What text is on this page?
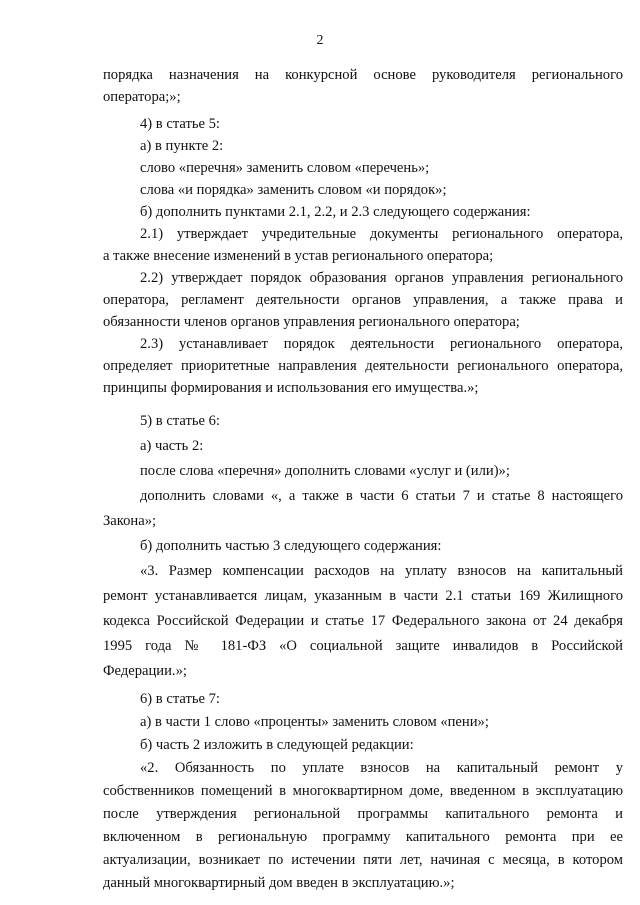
2
порядка назначения на конкурсной основе руководителя регионального
оператора;»;
4) в статье 5:
а) в пункте 2:
слово «перечня» заменить словом «перечень»;
слова «и порядка» заменить словом «и порядок»;
б) дополнить пунктами 2.1, 2.2, и 2.3 следующего содержания:
2.1) утверждает учредительные документы регионального оператора,
а также внесение изменений в устав регионального оператора;
2.2) утверждает порядок образования органов управления регионального
оператора, регламент деятельности органов управления, а также права и
обязанности членов органов управления регионального оператора;
2.3) устанавливает порядок деятельности регионального оператора,
определяет приоритетные направления деятельности регионального оператора,
принципы формирования и использования его имущества.»;
5) в статье 6:
а) часть 2:
после слова «перечня» дополнить словами «услуг и (или)»;
дополнить словами «, а также в части 6 статьи 7 и статье 8 настоящего
Закона»;
б) дополнить частью 3 следующего содержания:
«3. Размер компенсации расходов на уплату взносов на капитальный
ремонт устанавливается лицам, указанным в части 2.1 статьи 169 Жилищного
кодекса Российской Федерации и статье 17 Федерального закона от 24 декабря
1995 года № 181-ФЗ «О социальной защите инвалидов в Российской
Федерации.»;
6) в статье 7:
а) в части 1 слово «проценты» заменить словом «пени»;
б) часть 2 изложить в следующей редакции:
«2. Обязанность по уплате взносов на капитальный ремонт у
собственников помещений в многоквартирном доме, введенном в эксплуатацию
после утверждения региональной программы капитального ремонта и
включенном в региональную программу капитального ремонта при ее
актуализации, возникает по истечении пяти лет, начиная с месяца, в котором
данный многоквартирный дом введен в эксплуатацию.»;
